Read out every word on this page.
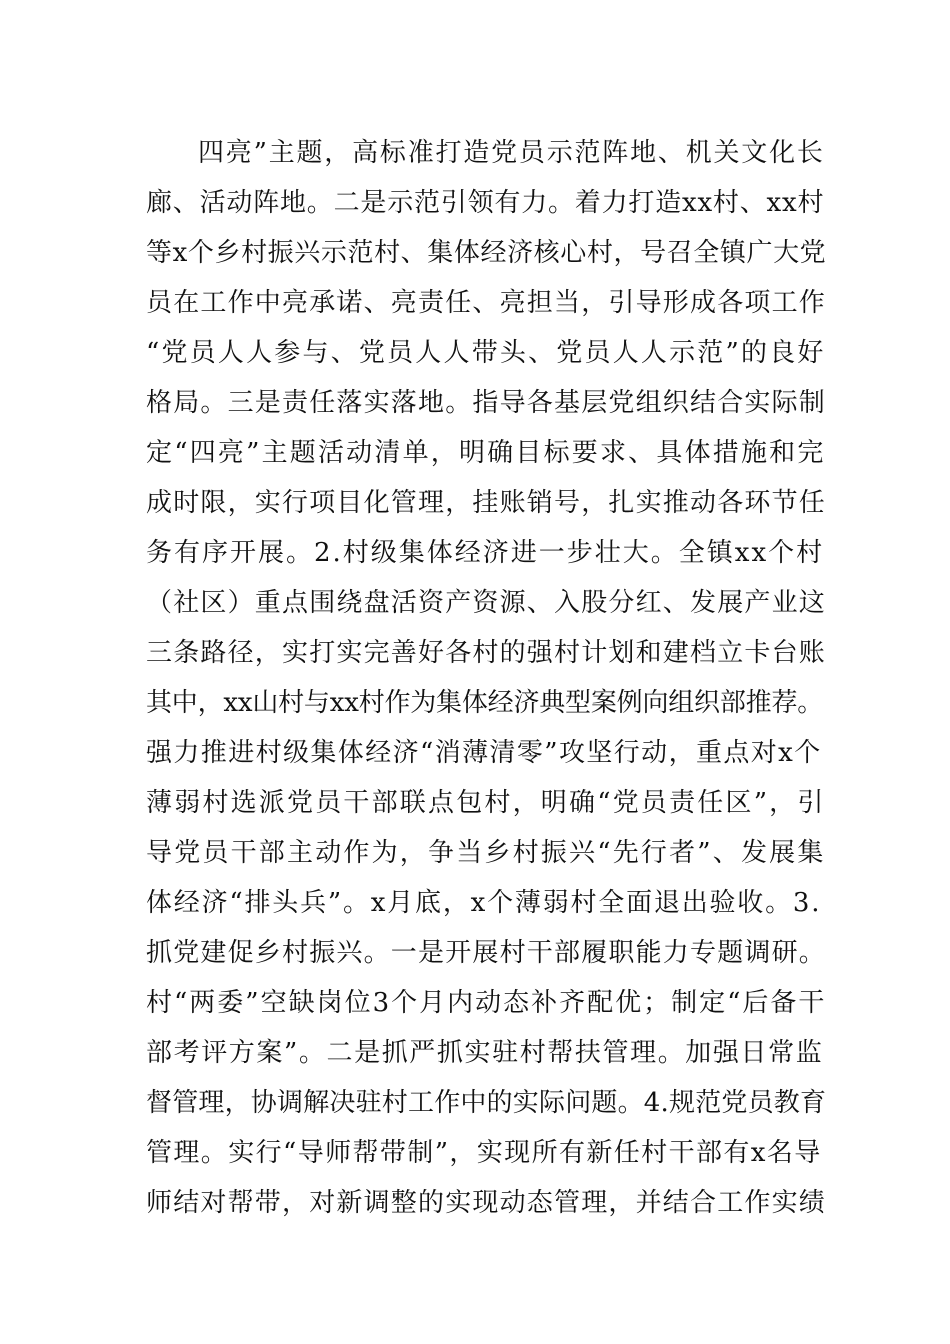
四亮”主题，高标准打造党员示范阵地、机关文化长
廊、活动阵地。二是示范引领有力。着力打造xx村、xx村
等x个乡村振兴示范村、集体经济核心村，号召全镇广大党
员在工作中亮承诺、亮责任、亮担当，引导形成各项工作
“党员人人参与、党员人人带头、党员人人示范”的良好
格局。三是责任落实落地。指导各基层党组织结合实际制
定“四亮”主题活动清单，明确目标要求、具体措施和完
成时限，实行项目化管理，挂账销号，扎实推动各环节任
务有序开展。2.村级集体经济进一步壮大。全镇xx个村
（社区）重点围绕盘活资产资源、入股分红、发展产业这
三条路径，实打实完善好各村的强村计划和建档立卡台账
其中，xx山村与xx村作为集体经济典型案例向组织部推荐。
强力推进村级集体经济“消薄清零”攻坚行动，重点对x个
薄弱村选派党员干部联点包村，明确“党员责任区”，引
导党员干部主动作为，争当乡村振兴“先行者”、发展集
体经济“排头兵”。x月底，x个薄弱村全面退出验收。3.
抓党建促乡村振兴。一是开展村干部履职能力专题调研。
村“两委”空缺岗位3个月内动态补齐配优；制定“后备干
部考评方案”。二是抓严抓实驻村帮扶管理。加强日常监
督管理，协调解决驻村工作中的实际问题。4.规范党员教育
管理。实行“导师帮带制”，实现所有新任村干部有x名导
师结对帮带，对新调整的实现动态管理，并结合工作实绩
